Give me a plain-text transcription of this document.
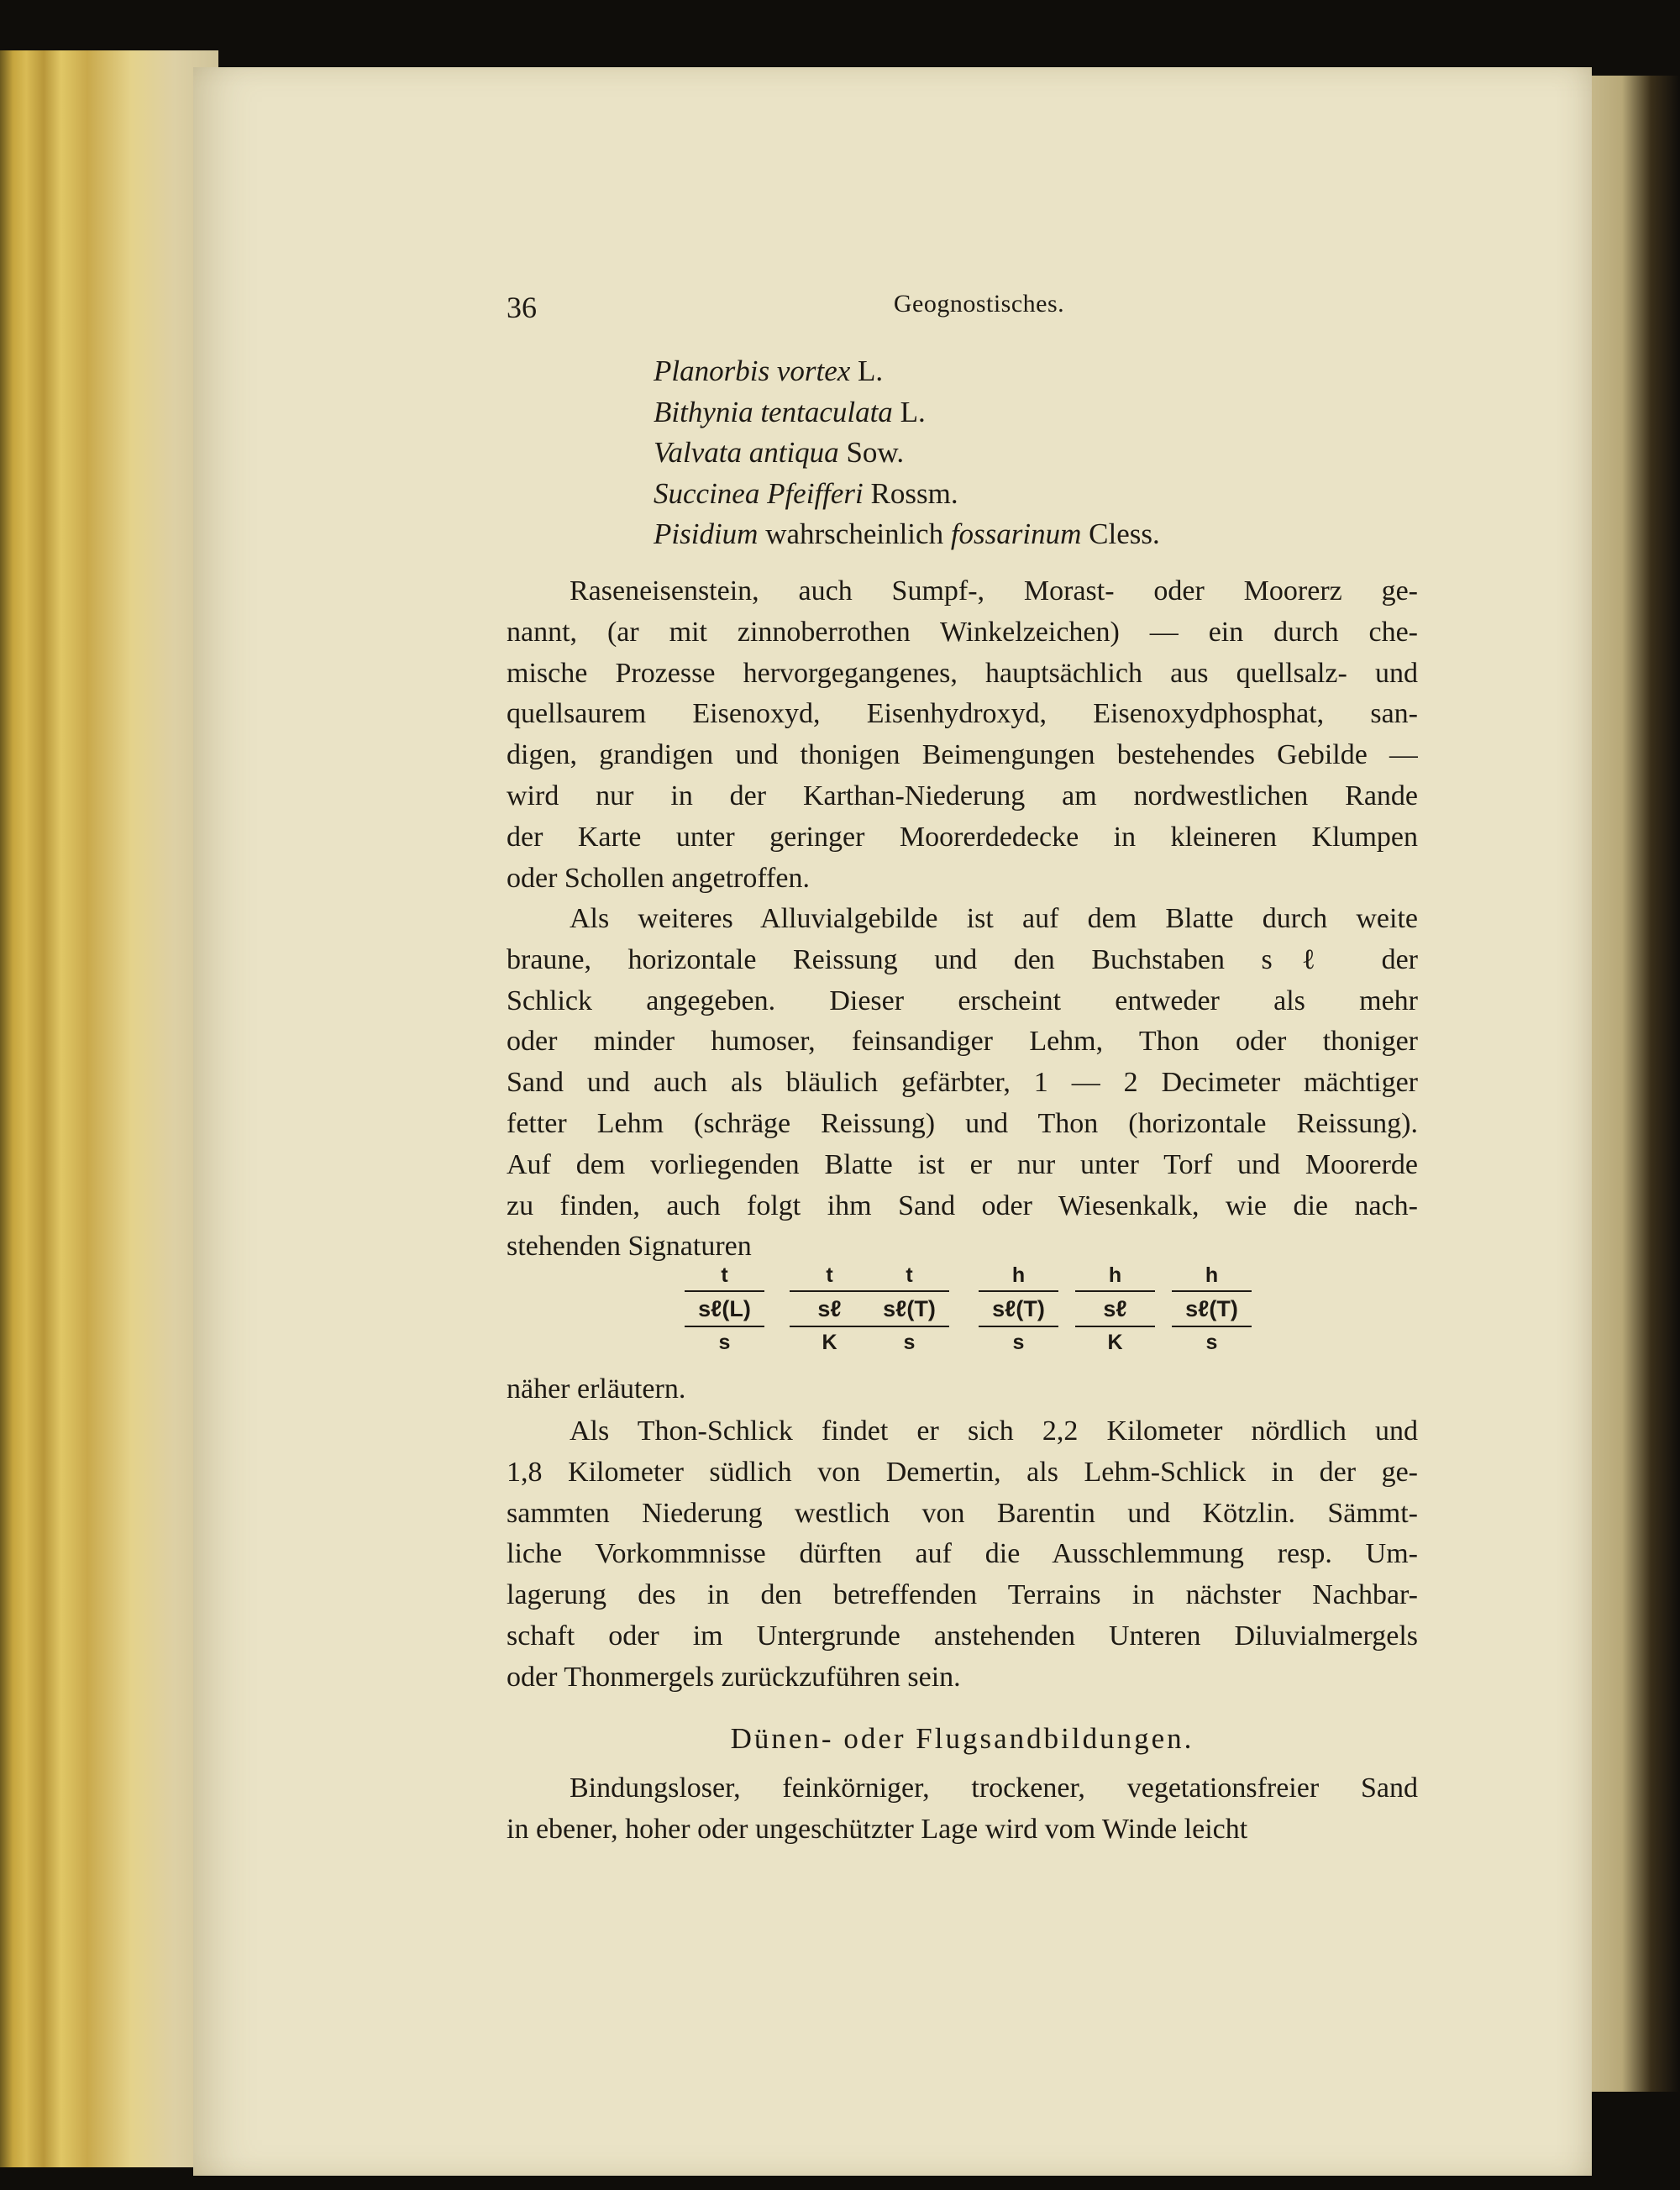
36	Geognostisches.
Planorbis vortex L.
Bithynia tentaculata L.
Valvata antiqua Sow.
Succinea Pfeifferi Rossm.
Pisidium wahrscheinlich fossarinum Cless.
Raseneisenstein, auch Sumpf-, Morast- oder Moorerz ge-
nannt, (ar mit zinnoberrothen Winkelzeichen) — ein durch che-
mische Prozesse hervorgegangenes, hauptsächlich aus quellsalz- und
quellsaurem Eisenoxyd, Eisenhydroxyd, Eisenoxydphosphat, san-
digen, grandigen und thonigen Beimengungen bestehendes Gebilde —
wird nur in der Karthan-Niederung am nordwestlichen Rande
der Karte unter geringer Moorerdedecke in kleineren Klumpen
oder Schollen angetroffen.
Als weiteres Alluvialgebilde ist auf dem Blatte durch weite
braune, horizontale Reissung und den Buchstaben sℓ der
Schlick angegeben. Dieser erscheint entweder als mehr
oder minder humoser, feinsandiger Lehm, Thon oder thoniger
Sand und auch als bläulich gefärbter, 1 — 2 Decimeter mächtiger
fetter Lehm (schräge Reissung) und Thon (horizontale Reissung).
Auf dem vorliegenden Blatte ist er nur unter Torf und Moorerde
zu finden, auch folgt ihm Sand oder Wiesenkalk, wie die nach-
stehenden Signaturen
t
sℓ(L)
s
t
sℓ
K
t
sℓ(T)
s
h
sℓ(T)
s
h
sℓ
K
h
sℓ(T)
s
näher erläutern.
Als Thon-Schlick findet er sich 2,2 Kilometer nördlich und
1,8 Kilometer südlich von Demertin, als Lehm-Schlick in der ge-
sammten Niederung westlich von Barentin und Kötzlin. Sämmt-
liche Vorkommnisse dürften auf die Ausschlemmung resp. Um-
lagerung des in den betreffenden Terrains in nächster Nachbar-
schaft oder im Untergrunde anstehenden Unteren Diluvialmergels
oder Thonmergels zurückzuführen sein.
Dünen- oder Flugsandbildungen.
Bindungsloser, feinkörniger, trockener, vegetationsfreier Sand
in ebener, hoher oder ungeschützter Lage wird vom Winde leicht
